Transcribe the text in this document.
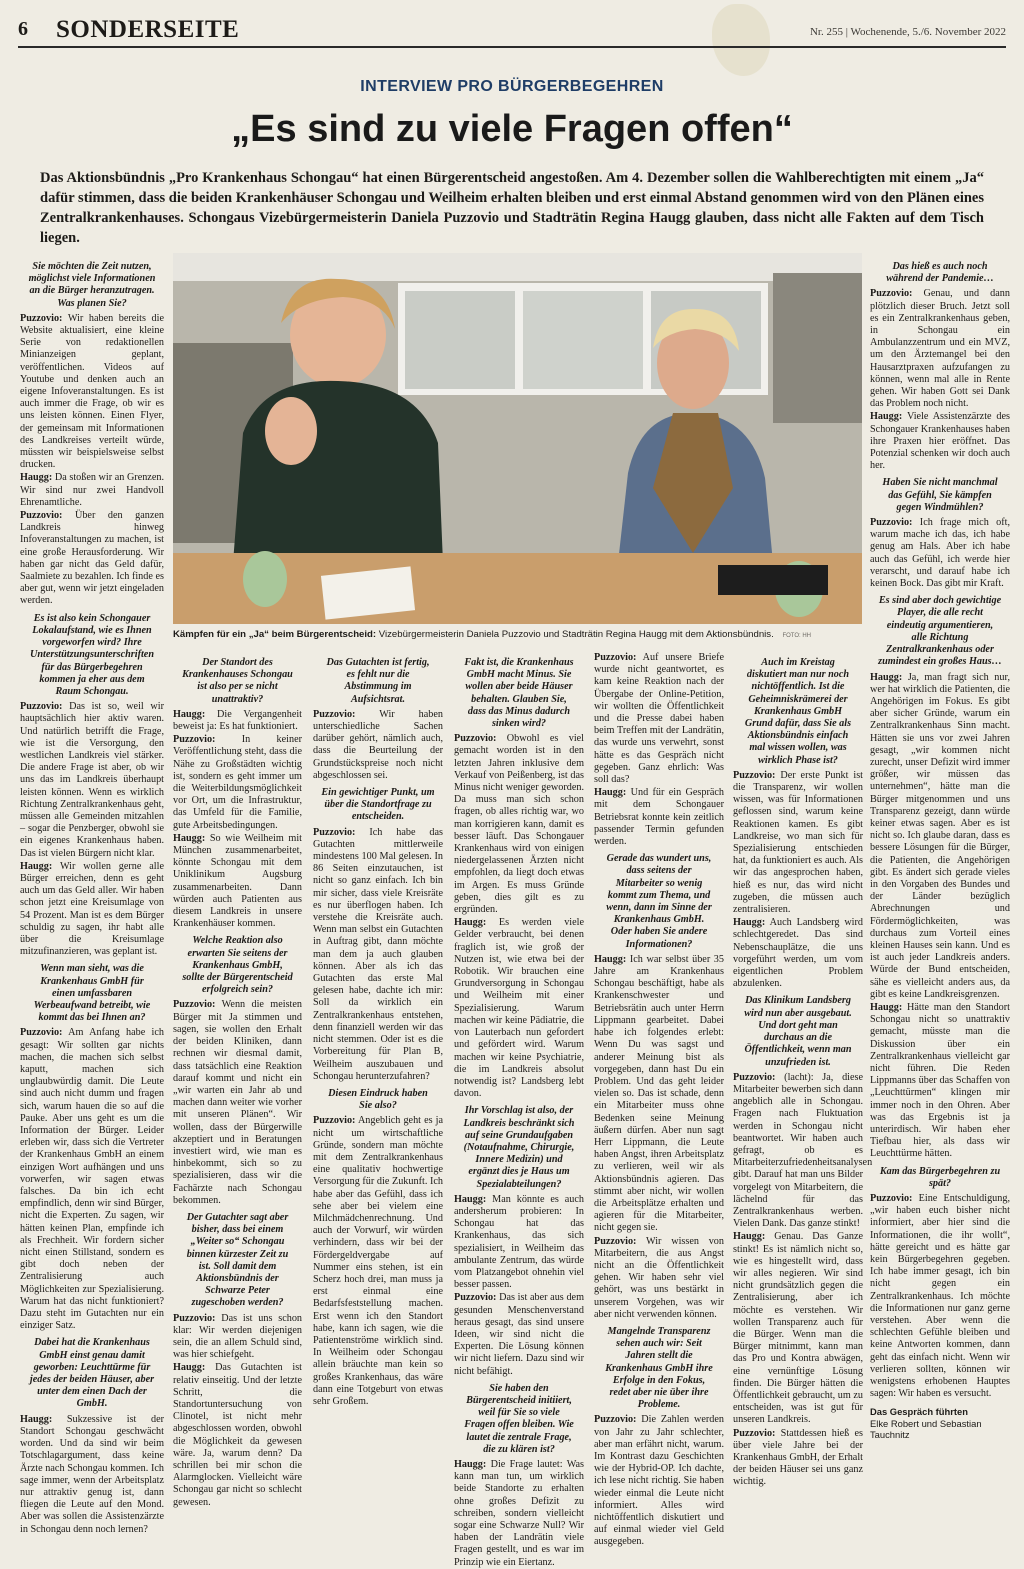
6 SONDERSEITE	Nr. 255 | Wochenende, 5./6. November 2022
INTERVIEW PRO BÜRGERBEGEHREN
„Es sind zu viele Fragen offen“
Das Aktionsbündnis „Pro Krankenhaus Schongau“ hat einen Bürgerentscheid angestoßen. Am 4. Dezember sollen die Wahlberechtigten mit einem „Ja“ dafür stimmen, dass die beiden Krankenhäuser Schongau und Weilheim erhalten bleiben und erst einmal Abstand genommen wird von den Plänen eines Zentralkrankenhauses. Schongaus Vizebürgermeisterin Daniela Puzzovio und Stadträtin Regina Haugg glauben, dass nicht alle Fakten auf dem Tisch liegen.
Kämpfen für ein „Ja“ beim Bürgerentscheid: Vizebürgermeisterin Daniela Puzzovio und Stadträtin Regina Haugg mit dem Aktionsbündnis. FOTO: HH

Sie möchten die Zeit nutzen, möglichst viele Informationen an die Bürger heranzutragen. Was planen Sie?

Puzzovio: Wir haben bereits die Website aktualisiert, eine kleine Serie von redaktionellen Minianzeigen geplant, veröffentlichen. Videos auf Youtube und denken auch an eigene Infoveranstaltungen. Es ist auch immer die Frage, ob wir es uns leisten können. Einen Flyer, der gemeinsam mit Informationen des Landkreises verteilt würde, müssten wir beispielsweise selbst drucken.

Haugg: Da stoßen wir an Grenzen. Wir sind nur zwei Handvoll Ehrenamtliche.

Puzzovio: Über den ganzen Landkreis hinweg Infoveranstaltungen zu machen, ist eine große Herausforderung. Wir haben gar nicht das Geld dafür, Saalmiete zu bezahlen. Ich finde es aber gut, wenn wir jetzt eingeladen werden.

Es ist also kein Schongauer Lokalaufstand, wie es Ihnen vorgeworfen wird? Ihre Unterstützungsunterschriften für das Bürgerbegehren kommen ja eher aus dem Raum Schongau.

Puzzovio: Das ist so, weil wir hauptsächlich hier aktiv waren. Und natürlich betrifft die Frage, wie ist die Versorgung, den westlichen Landkreis viel stärker. Die andere Frage ist aber, ob wir uns das im Landkreis überhaupt leisten können. Wenn es wirklich Richtung Zentralkrankenhaus geht, müssen alle Gemeinden mitzahlen – sogar die Penzberger, obwohl sie ein eigenes Krankenhaus haben. Das ist vielen Bürgern nicht klar.

Haugg: Wir wollen gerne alle Bürger erreichen, denn es geht auch um das Geld aller. Wir haben schon jetzt eine Kreisumlage von 54 Prozent. Man ist es dem Bürger schuldig zu sagen, ihr habt alle über die Kreisumlage mitzufinanzieren, was geplant ist.

Wenn man sieht, was die Krankenhaus GmbH für einen umfassbaren Werbeaufwand betreibt, wie kommt das bei Ihnen an?

Puzzovio: Am Anfang habe ich gesagt: Wir sollten gar nichts machen, die machen sich selbst kaputt, machen sich unglaubwürdig damit. Die Leute sind auch nicht dumm und fragen sich, warum hauen die so auf die Pauke. Aber uns geht es um die Information der Bürger. Leider erleben wir, dass sich die Vertreter der Krankenhaus GmbH an einem einzigen Wort aufhängen und uns vorwerfen, wir sagen etwas falsches. Da bin ich echt empfindlich, denn wir sind Bürger, nicht die Experten. Zu sagen, wir hätten keinen Plan, empfinde ich als Frechheit. Wir fordern sicher nicht einen Stillstand, sondern es gibt doch neben der Zentralisierung auch Möglichkeiten zur Spezialisierung. Warum hat das nicht funktioniert? Dazu steht im Gutachten nur ein einziger Satz.

Dabei hat die Krankenhaus GmbH einst genau damit geworben: Leuchttürme für jedes der beiden Häuser, aber unter dem einen Dach der GmbH.

Haugg: Sukzessive ist der Standort Schongau geschwächt worden. Und da sind wir beim Totschlagargument, dass keine Ärzte nach Schongau kommen. Ich sage immer, wenn der Arbeitsplatz nur attraktiv genug ist, dann fliegen die Leute auf den Mond. Aber was sollen die Assistenzärzte in Schongau denn noch lernen?

Der Standort des Krankenhauses Schongau ist also per se nicht unattraktiv?

Haugg: Die Vergangenheit beweist ja: Es hat funktioniert.

Puzzovio:	In keiner Veröffentlichung steht, dass die Nähe zu Großstädten wichtig ist, sondern es geht immer um die Weiterbildungsmöglichkeit vor Ort, um die Infrastruktur, das Umfeld für die Familie, gute Arbeitsbedingungen.

Haugg: So wie Weilheim mit München zusammenarbeitet, könnte Schongau mit dem Uniklinikum Augsburg zusammenarbeiten. Dann würden auch Patienten aus diesem Landkreis in unsere Krankenhäuser kommen.

Welche Reaktion also erwarten Sie seitens der Krankenhaus GmbH, sollte der Bürgerentscheid erfolgreich sein?

Puzzovio: Wenn die meisten Bürger mit Ja stimmen und sagen, sie wollen den Erhalt der beiden Kliniken, dann rechnen wir diesmal damit, dass tatsächlich eine Reaktion darauf kommt und nicht ein „wir warten ein Jahr ab und machen dann weiter wie vorher mit unseren Plänen“. Wir wollen, dass der Bürgerwille akzeptiert und in Beratungen investiert wird, wie man es hinbekommt, sich so zu spezialisieren, dass wir die Fachärzte nach Schongau bekommen.

Der Gutachter sagt aber bisher, dass bei einem „Weiter so“ Schongau binnen kürzester Zeit zu ist. Soll damit dem Aktionsbündnis der Schwarze Peter zugeschoben werden?

Puzzovio: Das ist uns schon klar: Wir werden diejenigen sein, die an allem Schuld sind, was hier schiefgeht.

Haugg: Das Gutachten ist relativ einseitig. Und der letzte Schritt, die Standortuntersuchung von Clinotel, ist nicht mehr abgeschlossen worden, obwohl die Möglichkeit da gewesen wäre. Ja, warum denn? Da schrillen bei mir schon die Alarmglocken. Vielleicht wäre Schongau gar nicht so schlecht gewesen.

Das Gutachten ist fertig, es fehlt nur die Abstimmung im Aufsichtsrat.

Puzzovio: Wir haben unterschiedliche Sachen darüber gehört, nämlich auch, dass die Beurteilung der Grundstückspreise noch nicht abgeschlossen sei.

Ein gewichtiger Punkt, um über die Standortfrage zu entscheiden.

Puzzovio: Ich habe das Gutachten mittlerweile mindestens 100 Mal gelesen. In 86 Seiten einzutauchen, ist nicht so ganz einfach. Ich bin mir sicher, dass viele Kreisräte es nur überflogen haben. Ich verstehe die Kreisräte auch. Wenn man selbst ein Gutachten in Auftrag gibt, dann möchte man dem ja auch glauben können. Aber als ich das Gutachten das erste Mal gelesen habe, dachte ich mir: Soll da wirklich ein Zentralkrankenhaus entstehen, denn finanziell werden wir das nicht stemmen. Oder ist es die Vorbereitung für Plan B, Weilheim auszubauen und Schongau herunterzufahren?

Diesen Eindruck haben Sie also?

Puzzovio: Angeblich geht es ja nicht um wirtschaftliche Gründe, sondern man möchte mit dem Zentralkrankenhaus eine qualitativ hochwertige Versorgung für die Zukunft. Ich habe aber das Gefühl, dass ich sehe aber bei vielem eine Milchmädchenrechnung. Und auch der Vorwurf, wir würden verhindern, dass wir bei der Fördergeldvergabe auf Nummer eins stehen, ist ein Scherz hoch drei, man muss ja erst einmal eine Bedarfsfeststellung machen. Erst wenn ich den Standort habe, kann ich sagen, wie die Patientenströme wirklich sind. In Weilheim oder Schongau allein bräuchte man kein so großes Krankenhaus, das wäre dann eine Totgeburt von etwas sehr Großem.

Fakt ist, die Krankenhaus GmbH macht Minus. Sie wollen aber beide Häuser behalten. Glauben Sie, dass das Minus dadurch sinken wird?

Puzzovio: Obwohl es viel gemacht worden ist in den letzten Jahren inklusive dem Verkauf von Peißenberg, ist das Minus nicht weniger geworden. Da muss man sich schon fragen, ob alles richtig war, wo man korrigieren kann, damit es besser läuft. Das Schongauer Krankenhaus wird von einigen niedergelassenen Ärzten nicht empfohlen, da liegt doch etwas im Argen. Es muss Gründe geben, dies gilt es zu ergründen.

Haugg: Es werden viele Gelder verbraucht, bei denen fraglich ist, wie groß der Nutzen ist, wie etwa bei der Robotik. Wir brauchen eine Grundversorgung in Schongau und Weilheim mit einer Spezialisierung. Warum machen wir keine Pädiatrie, die von Lauterbach nun gefordert und gefördert wird. Warum machen wir keine Psychiatrie, die im Landkreis absolut notwendig ist? Landsberg lebt davon.

Ihr Vorschlag ist also, der Landkreis beschränkt sich auf seine Grundaufgaben (Notaufnahme, Chirurgie, Innere Medizin) und ergänzt dies je Haus um Spezialabteilungen?

Haugg: Man könnte es auch andersherum probieren: In Schongau hat das Krankenhaus, das sich spezialisiert, in Weilheim das ambulante Zentrum, das würde vom Platzangebot ohnehin viel besser passen.

Puzzovio: Das ist aber aus dem gesunden Menschenverstand heraus gesagt, das sind unsere Ideen, wir sind nicht die Experten. Die Lösung können wir nicht liefern. Dazu sind wir nicht befähigt.

Sie haben den Bürgerentscheid initiiert, weil für Sie so viele Fragen offen bleiben. Wie lautet die zentrale Frage, die zu klären ist?

Haugg: Die Frage lautet: Was kann man tun, um wirklich beide Standorte zu erhalten ohne großes Defizit zu schreiben, sondern vielleicht sogar eine Schwarze Null? Wir haben der Landrätin viele Fragen gestellt, und es war im Prinzip wie ein Eiertanz.

Puzzovio: Auf unsere Briefe wurde nicht geantwortet, es kam keine Reaktion nach der Übergabe der Online-Petition, wir wollten die Öffentlichkeit und die Presse dabei haben beim Treffen mit der Landrätin, das wurde uns verwehrt, sonst hätte es das Gespräch nicht gegeben. Ganz ehrlich: Was soll das?

Haugg: Und für ein Gespräch mit dem Schongauer Betriebsrat konnte kein zeitlich passender Termin gefunden werden.

Gerade das wundert uns, dass seitens der Mitarbeiter so wenig kommt zum Thema, und wenn, dann im Sinne der Krankenhaus GmbH. Oder haben Sie andere Informationen?

Haugg: Ich war selbst über 35 Jahre am Krankenhaus Schongau beschäftigt, habe als Krankenschwester und Betriebsrätin auch unter Herrn Lippmann gearbeitet. Dabei habe ich folgendes erlebt: Wenn Du was sagst und anderer Meinung bist als vorgegeben, dann hast Du ein Problem. Und das geht leider vielen so. Das ist schade, denn ein Mitarbeiter muss ohne Bedenken seine Meinung äußern dürfen. Aber nun sagt Herr Lippmann, die Leute haben Angst, ihren Arbeitsplatz zu verlieren, weil wir als Aktionsbündnis agieren. Das stimmt aber nicht, wir wollen die Arbeitsplätze erhalten und agieren für die Mitarbeiter, nicht gegen sie.

Puzzovio: Wir wissen von Mitarbeitern, die aus Angst nicht an die Öffentlichkeit gehen. Wir haben sehr viel gehört, was uns bestärkt in unserem Vorgehen, was wir aber nicht verwenden können.

Mangelnde Transparenz sehen auch wir: Seit Jahren stellt die Krankenhaus GmbH ihre Erfolge in den Fokus, redet aber nie über ihre Probleme.

Puzzovio: Die Zahlen werden von Jahr zu Jahr schlechter, aber man erfährt nicht, warum. Im Kontrast dazu Geschichten wie der Hybrid-OP. Ich dachte, ich lese nicht richtig. Sie haben wieder einmal die Leute nicht informiert. Alles wird nichtöffentlich diskutiert und auf einmal wieder viel Geld ausgegeben.

Auch im Kreistag diskutiert man nur noch nichtöffentlich. Ist die Geheimniskrämerei der Krankenhaus GmbH Grund dafür, dass Sie als Aktionsbündnis einfach mal wissen wollen, was wirklich Phase ist?

Puzzovio: Der erste Punkt ist die Transparenz, wir wollen wissen, was für Informationen geflossen sind, warum keine Reaktionen kamen. Es gibt Landkreise, wo man sich für Spezialisierung entschieden hat, da funktioniert es auch. Als wir das angesprochen haben, hieß es nur, das wird nicht zugeben, die müssen auch zentralisieren.

Haugg: Auch Landsberg wird schlechtgeredet. Das sind Nebenschauplätze, die uns vorgeführt werden, um vom eigentlichen Problem abzulenken.

Das Klinikum Landsberg wird nun aber ausgebaut. Und dort geht man durchaus an die Öffentlichkeit, wenn man unzufrieden ist.

Puzzovio: (lacht): Ja, diese Mitarbeiter bewerben sich dann angeblich alle in Schongau. Fragen nach Fluktuation werden in Schongau nicht beantwortet. Wir haben auch gefragt, ob es Mitarbeiterzufriedenheitsanalysen gibt. Darauf hat man uns Bilder vorgelegt von Mitarbeitern, die lächelnd für das Zentralkrankenhaus werben. Vielen Dank. Das ganze stinkt!

Haugg: Genau. Das Ganze stinkt! Es ist nämlich nicht so, wie es hingestellt wird, dass wir alles negieren. Wir sind nicht grundsätzlich gegen die Zentralisierung, aber ich möchte es verstehen. Wir wollen Transparenz auch für die Bürger. Wenn man die Bürger mitnimmt, kann man das Pro und Kontra abwägen, eine vernünftige Lösung finden. Die Bürger hätten die Öffentlichkeit gebraucht, um zu entscheiden, was ist gut für unseren Landkreis.

Puzzovio: Stattdessen hieß es über viele Jahre bei der Krankenhaus GmbH, der Erhalt der beiden Häuser sei uns ganz wichtig.

Das hieß es auch noch während der Pandemie…

Puzzovio: Genau, und dann plötzlich dieser Bruch. Jetzt soll es ein Zentralkrankenhaus geben, in Schongau ein Ambulanzzentrum und ein MVZ, um den Ärztemangel bei den Hausarztpraxen aufzufangen zu können, wenn mal alle in Rente gehen. Wir haben Gott sei Dank das Problem noch nicht.

Haugg: Viele Assistenzärzte des Schongauer Krankenhauses haben ihre Praxen hier eröffnet. Das Potenzial schenken wir doch auch her.

Haben Sie nicht manchmal das Gefühl, Sie kämpfen gegen Windmühlen?

Puzzovio: Ich frage mich oft, warum mache ich das, ich habe genug am Hals. Aber ich habe auch das Gefühl, ich werde hier verarscht, und darauf habe ich keinen Bock. Das gibt mir Kraft.

Es sind aber doch gewichtige Player, die alle recht eindeutig argumentieren, alle Richtung Zentralkrankenhaus oder zumindest ein großes Haus…

Haugg: Ja, man fragt sich nur, wer hat wirklich die Patienten, die Angehörigen im Fokus. Es gibt aber sicher Gründe, warum ein Zentralkrankenhaus Sinn macht. Hätten sie uns vor zwei Jahren gesagt, „wir kommen nicht zurecht, unser Defizit wird immer größer, wir müssen das unternehmen“, hätte man die Bürger mitgenommen und uns Transparenz gezeigt, dann würde keiner etwas sagen. Aber es ist nicht so. Ich glaube daran, dass es bessere Lösungen für die Bürger, die Patienten, die Angehörigen gibt. Es ändert sich gerade vieles in den Vorgaben des Bundes und der Länder bezüglich Abrechnungen und Fördermöglichkeiten, was durchaus zum Vorteil eines kleinen Hauses sein kann. Und es ist auch jeder Landkreis anders. Würde der Bund entscheiden, sähe es vielleicht anders aus, da gibt es keine Landkreisgrenzen.

Haugg: Hätte man den Standort Schongau nicht so unattraktiv gemacht, müsste man die Diskussion über ein Zentralkrankenhaus vielleicht gar nicht führen. Die Reden Lippmanns über das Schaffen von „Leuchttürmen“ klingen mir immer noch in den Ohren. Aber was das Ergebnis ist ja unterirdisch. Wir haben eher Tiefbau hier, als dass wir Leuchttürme hätten.

Kam das Bürgerbegehren zu spät?

Puzzovio: Eine Entschuldigung, „wir haben euch bisher nicht informiert, aber hier sind die Informationen, die ihr wollt“, hätte gereicht und es hätte gar kein Bürgerbegehren gegeben. Ich habe immer gesagt, ich bin nicht gegen ein Zentralkrankenhaus. Ich möchte die Informationen nur ganz gerne verstehen. Aber wenn die schlechten Gefühle bleiben und keine Antworten kommen, dann geht das einfach nicht. Wenn wir verlieren sollten, können wir wenigstens erhobenen Hauptes sagen: Wir haben es versucht.

Das Gespräch führten
Elke Robert und Sebastian Tauchnitz
